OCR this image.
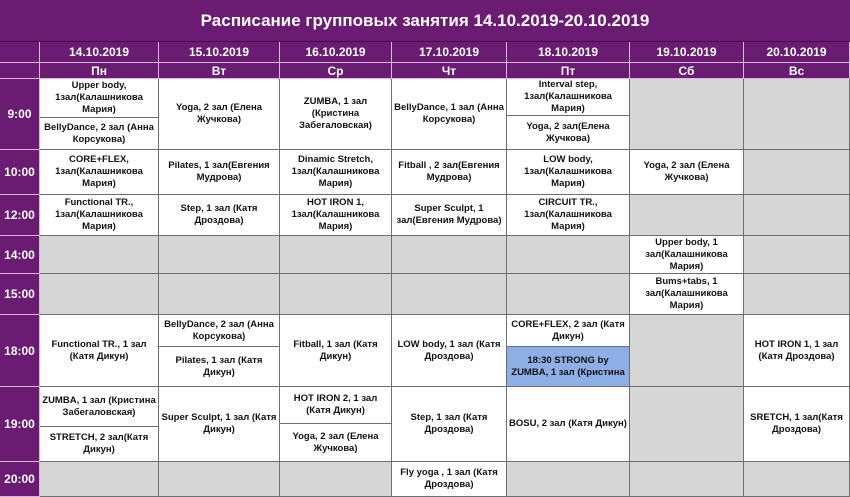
Расписание групповых занятия 14.10.2019-20.10.2019
14.10.2019
Пн
15.10.2019
Вт
16.10.2019
Ср
17.10.2019
Чт
18.10.2019
Пт
19.10.2019
Сб
20.10.2019
Вс
9:00
10:00
12:00
14:00
15:00
18:00
19:00
20:00
Upper body, 1зал(Калашникова Мария)
BellyDance, 2 зал (Анна Корсукова)
Yoga, 2 зал (Елена Жучкова)
ZUMBA, 1 зал (Кристина Забегаловская)
BellyDance, 1 зал (Анна Корсукова)
Interval step, 1зал(Калашникова Мария)
Yoga, 2 зал(Елена Жучкова)
CORE+FLEX, 1зал(Калашникова Мария)
Pilates, 1 зал(Евгения Мудрова)
Dinamic Stretch, 1зал(Калашникова Мария)
Fitball , 2 зал(Евгения Мудрова)
LOW body, 1зал(Калашникова Мария)
Yoga, 2 зал (Елена Жучкова)
Functional TR., 1зал(Калашникова Мария)
Step, 1 зал (Катя Дроздова)
HOT IRON 1, 1зал(Калашникова Мария)
Super Sculpt, 1 зал(Евгения Мудрова)
CIRCUIT TR., 1зал(Калашникова Мария)
Upper body, 1 зал(Калашникова Мария)
Bums+tabs, 1 зал(Калашникова Мария)
Functional TR., 1 зал (Катя Дикун)
BellyDance, 2 зал (Анна Корсукова)
Pilates, 1 зал (Катя Дикун)
Fitball, 1 зал (Катя Дикун)
LOW body, 1 зал (Катя Дроздова)
CORE+FLEX, 2 зал (Катя Дикун)
18:30 STRONG by ZUMBA, 1 зал (Кристина
HOT IRON 1, 1 зал (Катя Дроздова)
ZUMBA, 1 зал (Кристина Забегаловская)
STRETCH, 2 зал(Катя Дикун)
Super Sculpt, 1 зал (Катя Дикун)
HOT IRON 2, 1 зал (Катя Дикун)
Yoga, 2 зал (Елена Жучкова)
Step, 1 зал (Катя Дроздова)
BOSU, 2 зал (Катя Дикун)
SRETCH, 1 зал(Катя Дроздова)
Fly yoga , 1 зал (Катя Дроздова)
